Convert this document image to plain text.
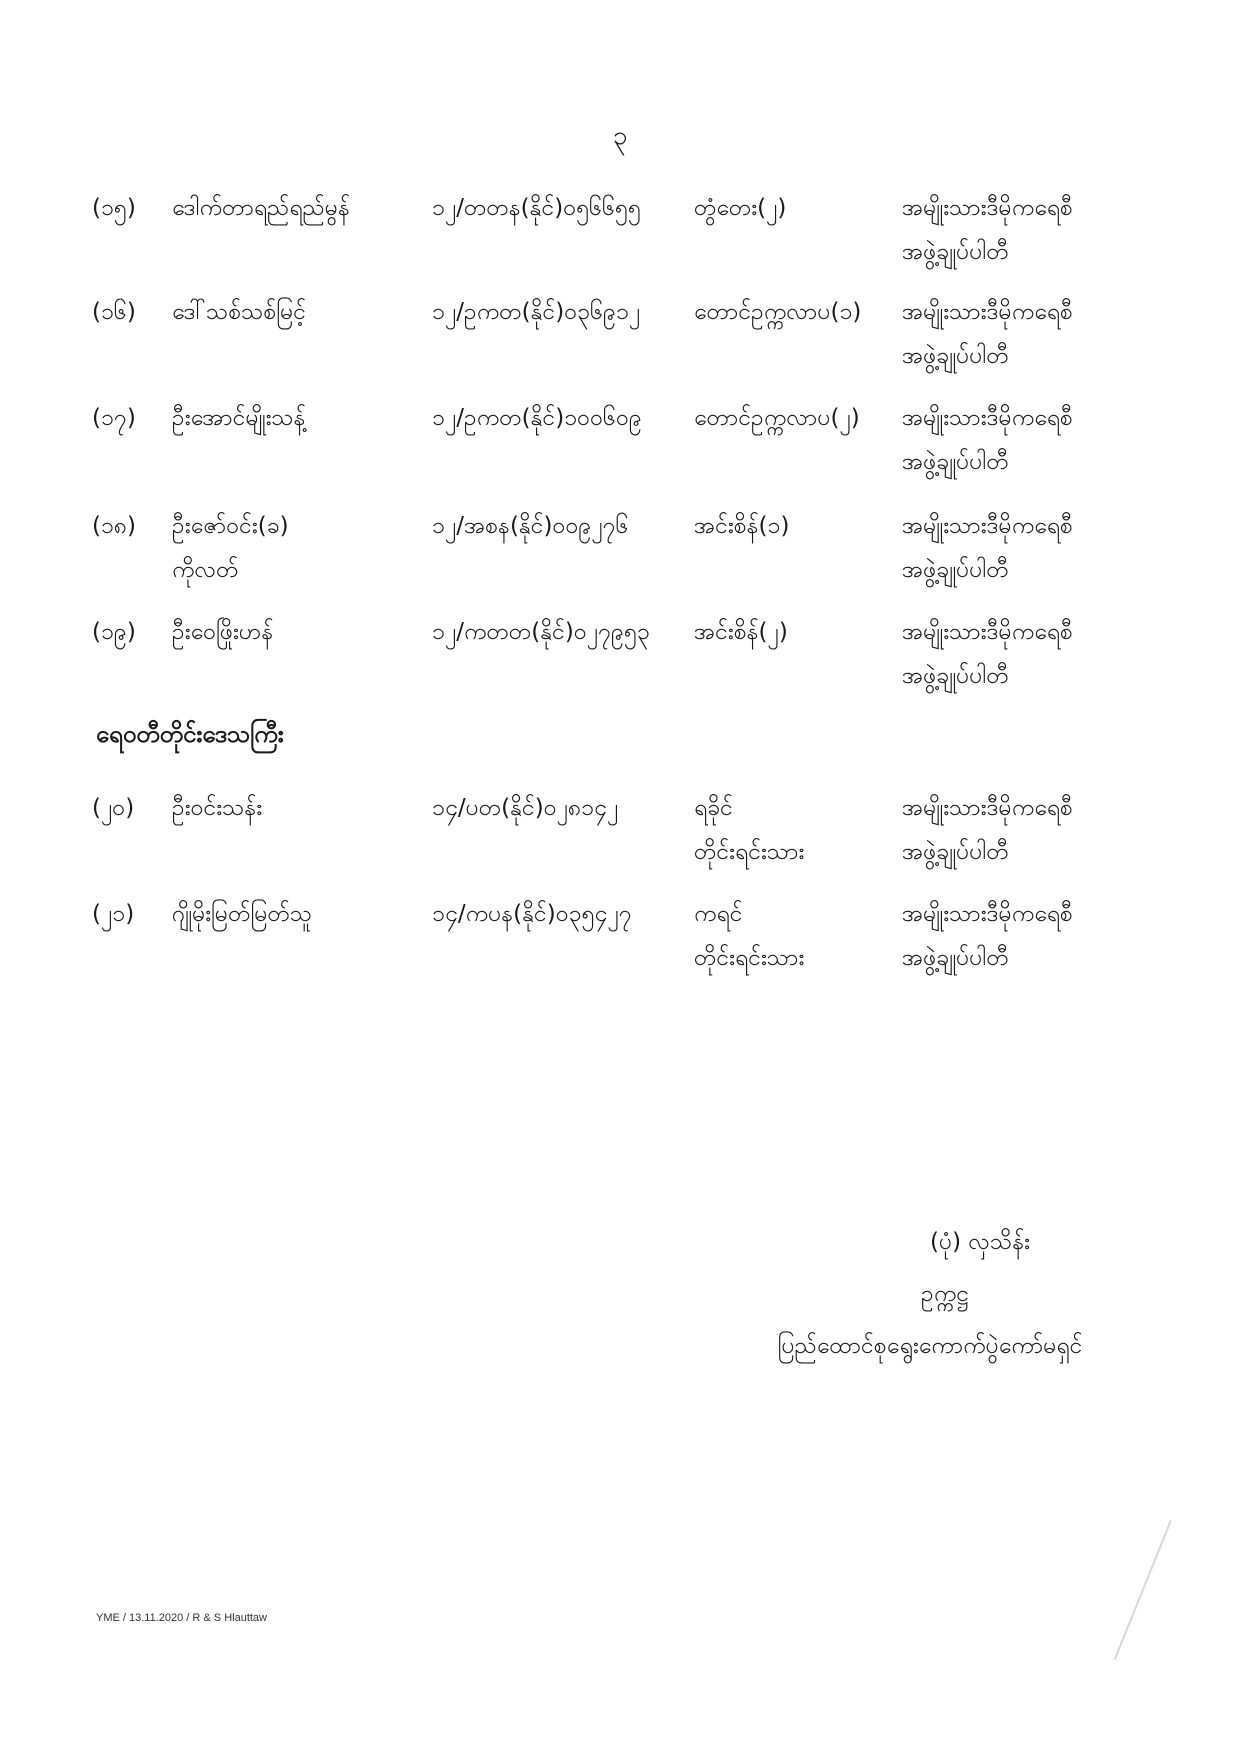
၃
(၁၅) ဒေါက်တာရည်ရည်မွန်	၁၂/တတန(နိုင်)၀၅၆၆၅၅ တွံတေး(၂)	အမျိုးသားဒီမိုကရေစီ
အဖွဲ့ချုပ်ပါတီ
(၁၆) ဒေါ်သစ်သစ်မြင့်	၁၂/ဥကတ(နိုင်)၀၃၆၉၁၂ တောင်ဥက္ကလာပ(၁) အမျိုးသားဒီမိုကရေစီ
အဖွဲ့ချုပ်ပါတီ
(၁၇) ဦးအောင်မျိုးသန့်	၁၂/ဥကတ(နိုင်)၁၀၀၆၀၉ တောင်ဥက္ကလာပ(၂) အမျိုးသားဒီမိုကရေစီ
အဖွဲ့ချုပ်ပါတီ
(၁၈) ဦးဇော်ဝင်း(ခ)
ကိုလတ်
၁၂/အစန(နိုင်)၀၀၉၂၇၆	အင်းစိန်(၁)	အမျိုးသားဒီမိုကရေစီ
အဖွဲ့ချုပ်ပါတီ
(၁၉) ဦးဝေဖြိုးဟန်	၁၂/ကတတ(နိုင်)၀၂၇၉၅၃ အင်းစိန်(၂)	အမျိုးသားဒီမိုကရေစီ
အဖွဲ့ချုပ်ပါတီ
ရေဝတီတိုင်းဒေသကြီး
(၂၀) ဦးဝင်းသန်း	၁၄/ပတ(နိုင်)၀၂၈၁၄၂	ရခိုင်
တိုင်းရင်းသား
အမျိုးသားဒီမိုကရေစီ
အဖွဲ့ချုပ်ပါတီ
(၂၁) ဂျိုမိုးမြတ်မြတ်သူ	၁၄/ကပန(နိုင်)၀၃၅၄၂၇	ကရင်
တိုင်းရင်းသား
အမျိုးသားဒီမိုကရေစီ
အဖွဲ့ချုပ်ပါတီ
(ပုံ) လှသိန်း
ဥက္ကဋ္ဌ
ပြည်ထောင်စုရွေးကောက်ပွဲကော်မရှင်
YME / 13.11.2020 / R & S Hlauttaw
